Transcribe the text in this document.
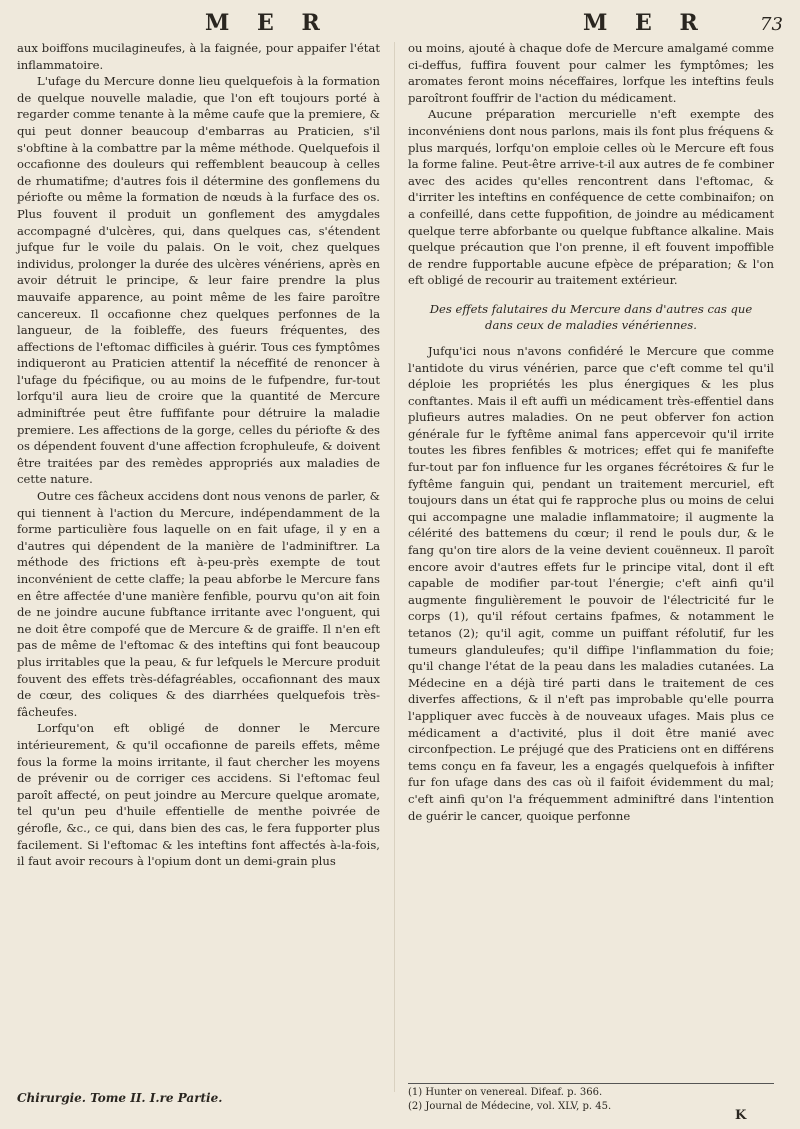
M E R	M E R	73

aux boiffons mucilagineufes, à la faignée, pour appaifer l'état inflammatoire.

L'ufage du Mercure donne lieu quelquefois à la formation de quelque nouvelle maladie, que l'on eft toujours porté à regarder comme tenante à la même caufe que la premiere, & qui peut donner beaucoup d'embarras au Praticien, s'il s'obftine à la combattre par la même méthode. Quelquefois il occafionne des douleurs qui reffemblent beaucoup à celles de rhumatifme; d'autres fois il détermine des gonflemens du périofte ou même la formation de nœuds à la furface des os. Plus fouvent il produit un gonflement des amygdales accompagné d'ulcères, qui, dans quelques cas, s'étendent jufque fur le voile du palais. On le voit, chez quelques individus, prolonger la durée des ulcères vénériens, après en avoir détruit le principe, & leur faire prendre la plus mauvaife apparence, au point même de les faire paroître cancereux. Il occafionne chez quelques perfonnes de la langueur, de la foibleffe, des fueurs fréquentes, des affections de l'eftomac difficiles à guérir. Tous ces fymptômes indiqueront au Praticien attentif la néceffité de renoncer à l'ufage du fpécifique, ou au moins de le fufpendre, fur-tout lorfqu'il aura lieu de croire que la quantité de Mercure adminiftrée peut être fuffifante pour détruire la maladie premiere. Les affections de la gorge, celles du périofte & des os dépendent fouvent d'une affection fcrophuleufe, & doivent être traitées par des remèdes appropriés aux maladies de cette nature.

Outre ces fâcheux accidens dont nous venons de parler, & qui tiennent à l'action du Mercure, indépendamment de la forme particulière fous laquelle on en fait ufage, il y en a d'autres qui dépendent de la manière de l'adminiftrer. La méthode des frictions eft à-peu-près exempte de tout inconvénient de cette claffe; la peau abforbe le Mercure fans en être affectée d'une manière fenfible, pourvu qu'on ait foin de ne joindre aucune fubftance irritante avec l'onguent, qui ne doit être compofé que de Mercure & de graiffe. Il n'en eft pas de même de l'eftomac & des inteftins qui font beaucoup plus irritables que la peau, & fur lefquels le Mercure produit fouvent des effets très-défagréables, occafionnant des maux de cœur, des coliques & des diarrhées quelquefois très-fâcheufes.

Lorfqu'on eft obligé de donner le Mercure intérieurement, & qu'il occafionne de pareils effets, même fous la forme la moins irritante, il faut chercher les moyens de prévenir ou de corriger ces accidens. Si l'eftomac feul paroît affecté, on peut joindre au Mercure quelque aromate, tel qu'un peu d'huile effentielle de menthe poivrée de gérofle, &c., ce qui, dans bien des cas, le fera fupporter plus facilement. Si l'eftomac & les inteftins font affectés à-la-fois, il faut avoir recours à l'opium dont un demi-grain plus

Chirurgie. Tome II. I.re Partie.

ou moins, ajouté à chaque dofe de Mercure amalgamé comme ci-deffus, fuffira fouvent pour calmer les fymptômes; les aromates feront moins néceffaires, lorfque les inteftins feuls paroîtront fouffrir de l'action du médicament.

Aucune préparation mercurielle n'eft exempte des inconvéniens dont nous parlons, mais ils font plus fréquens & plus marqués, lorfqu'on emploie celles où le Mercure eft fous la forme faline. Peut-être arrive-t-il aux autres de fe combiner avec des acides qu'elles rencontrent dans l'eftomac, & d'irriter les inteftins en conféquence de cette combinaifon; on a confeillé, dans cette fuppofition, de joindre au médicament quelque terre abforbante ou quelque fubftance alkaline. Mais quelque précaution que l'on prenne, il eft fouvent impoffible de rendre fupportable aucune efpèce de préparation; & l'on eft obligé de recourir au traitement extérieur.

Des effets falutaires du Mercure dans d'autres cas que dans ceux de maladies vénériennes.

Jufqu'ici nous n'avons confidéré le Mercure que comme l'antidote du virus vénérien, parce que c'eft comme tel qu'il déploie les propriétés les plus énergiques & les plus conftantes. Mais il eft auffi un médicament très-effentiel dans plufieurs autres maladies. On ne peut obferver fon action générale fur le fyftême animal fans appercevoir qu'il irrite toutes les fibres fenfibles & motrices; effet qui fe manifefte fur-tout par fon influence fur les organes fécrétoires & fur le fyftême fanguin qui, pendant un traitement mercuriel, eft toujours dans un état qui fe rapproche plus ou moins de celui qui accompagne une maladie inflammatoire; il augmente la célérité des battemens du cœur; il rend le pouls dur, & le fang qu'on tire alors de la veine devient couënneux. Il paroît encore avoir d'autres effets fur le principe vital, dont il eft capable de modifier par-tout l'énergie; c'eft ainfi qu'il augmente fingulièrement le pouvoir de l'électricité fur le corps (1), qu'il réfout certains fpafmes, & notamment le tetanos (2); qu'il agit, comme un puiffant réfolutif, fur les tumeurs glanduleufes; qu'il diffipe l'inflammation du foie; qu'il change l'état de la peau dans les maladies cutanées. La Médecine en a déjà tiré parti dans le traitement de ces diverfes affections, & il n'eft pas improbable qu'elle pourra l'appliquer avec fuccès à de nouveaux ufages. Mais plus ce médicament a d'activité, plus il doit être manié avec circonfpection. Le préjugé que des Praticiens ont en différens tems conçu en fa faveur, les a engagés quelquefois à infifter fur fon ufage dans des cas où il faifoit évidemment du mal; c'eft ainfi qu'on l'a fréquemment adminiftré dans l'intention de guérir le cancer, quoique perfonne

(1) Hunter on venereal. Difeaf. p. 366.
(2) Journal de Médecine, vol. XLV, p. 45.
K
